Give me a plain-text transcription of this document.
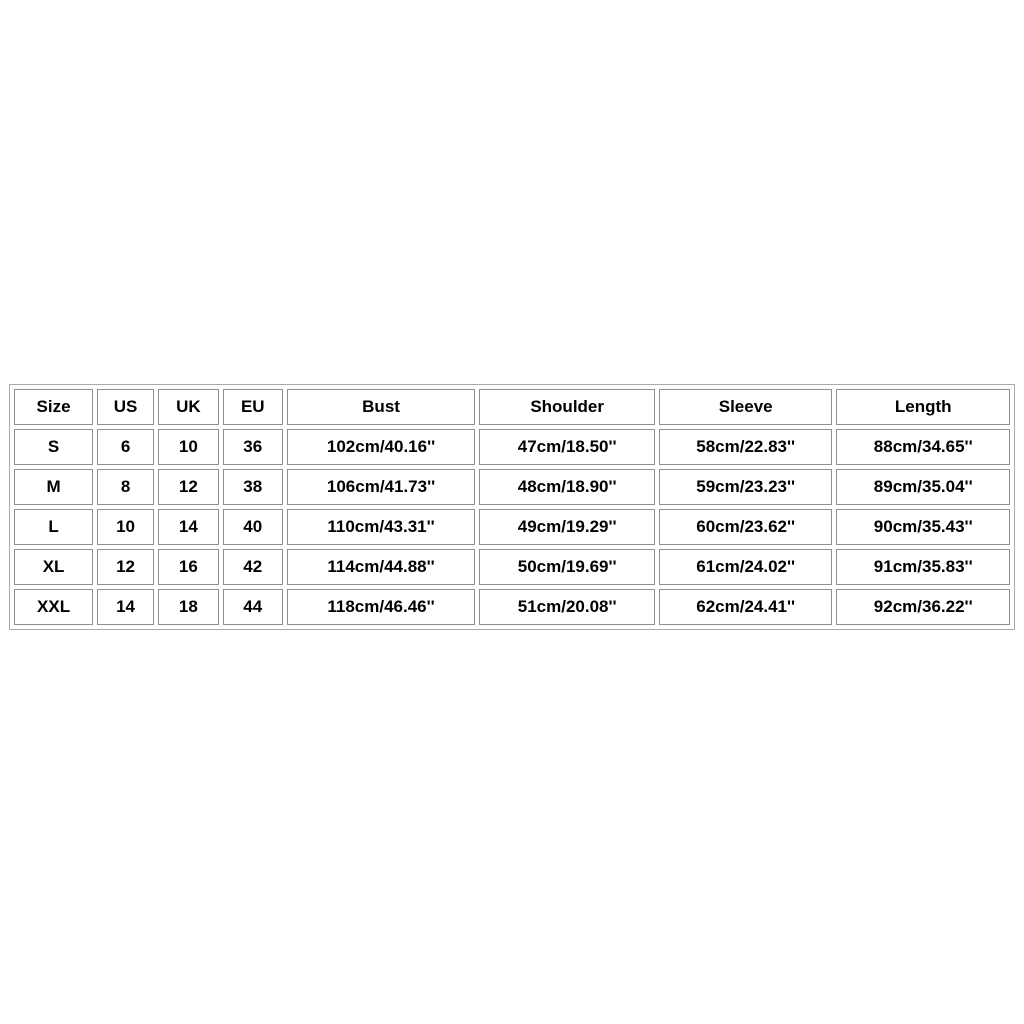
Size	US	UK	EU	Bust	Shoulder	Sleeve	Length
S	6	10	36	102cm/40.16''	47cm/18.50''	58cm/22.83''	88cm/34.65''
M	8	12	38	106cm/41.73''	48cm/18.90''	59cm/23.23''	89cm/35.04''
L	10	14	40	110cm/43.31''	49cm/19.29''	60cm/23.62''	90cm/35.43''
XL	12	16	42	114cm/44.88''	50cm/19.69''	61cm/24.02''	91cm/35.83''
XXL	14	18	44	118cm/46.46''	51cm/20.08''	62cm/24.41''	92cm/36.22''
